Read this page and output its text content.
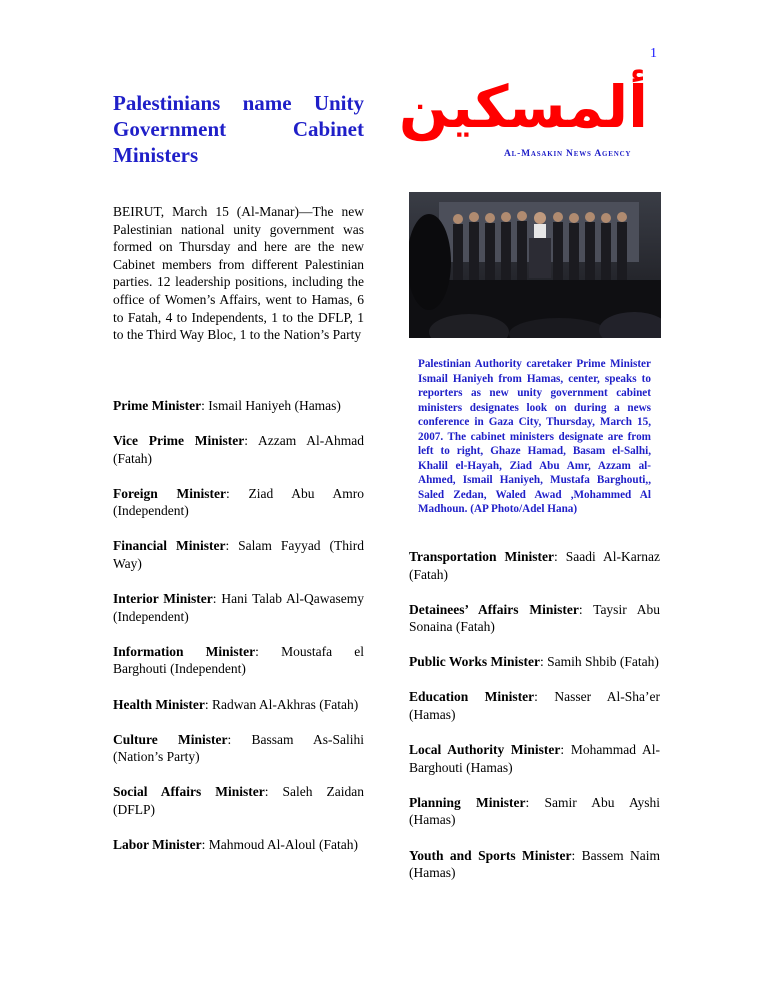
1
Palestinians name Unity Government Cabinet Ministers

ألمسكين

Al-Masakin News Agency

BEIRUT, March 15 (Al-Manar)—The new Palestinian national unity government was formed on Thursday and here are the new Cabinet members from different Palestinian parties. 12 leadership positions, including the office of Women’s Affairs, went to Hamas, 6 to Fatah, 4 to Independents, 1 to the DFLP, 1 to the Third Way Bloc, 1 to the Nation’s Party

Prime Minister: Ismail Haniyeh (Hamas)

Vice Prime Minister: Azzam Al-Ahmad (Fatah)

Foreign Minister: Ziad Abu Amro (Independent)

Financial Minister: Salam Fayyad (Third Way)

Interior Minister: Hani Talab Al-Qawasemy (Independent)

Information Minister: Moustafa el Barghouti (Independent)

Health Minister: Radwan Al-Akhras (Fatah)

Culture Minister: Bassam As-Salihi (Nation’s Party)

Social Affairs Minister: Saleh Zaidan (DFLP)

Labor Minister: Mahmoud Al-Aloul (Fatah)

Palestinian Authority caretaker Prime Minister Ismail Haniyeh from Hamas, center, speaks to reporters as new unity government cabinet ministers designates look on during a news conference in Gaza City, Thursday, March 15, 2007. The cabinet ministers designate are from left to right, Ghaze Hamad, Basam el-Salhi, Khalil el-Hayah, Ziad Abu Amr, Azzam al-Ahmed, Ismail Haniyeh, Mustafa Barghouti,, Saled Zedan, Waled Awad ,Mohammed Al Madhoun. (AP Photo/Adel Hana)

Transportation Minister: Saadi Al-Karnaz (Fatah)

Detainees’ Affairs Minister: Taysir Abu Sonaina (Fatah)

Public Works Minister: Samih Shbib (Fatah)

Education Minister: Nasser Al-Sha’er (Hamas)

Local Authority Minister: Mohammad Al-Barghouti (Hamas)

Planning Minister: Samir Abu Ayshi (Hamas)

Youth and Sports Minister: Bassem Naim (Hamas)
